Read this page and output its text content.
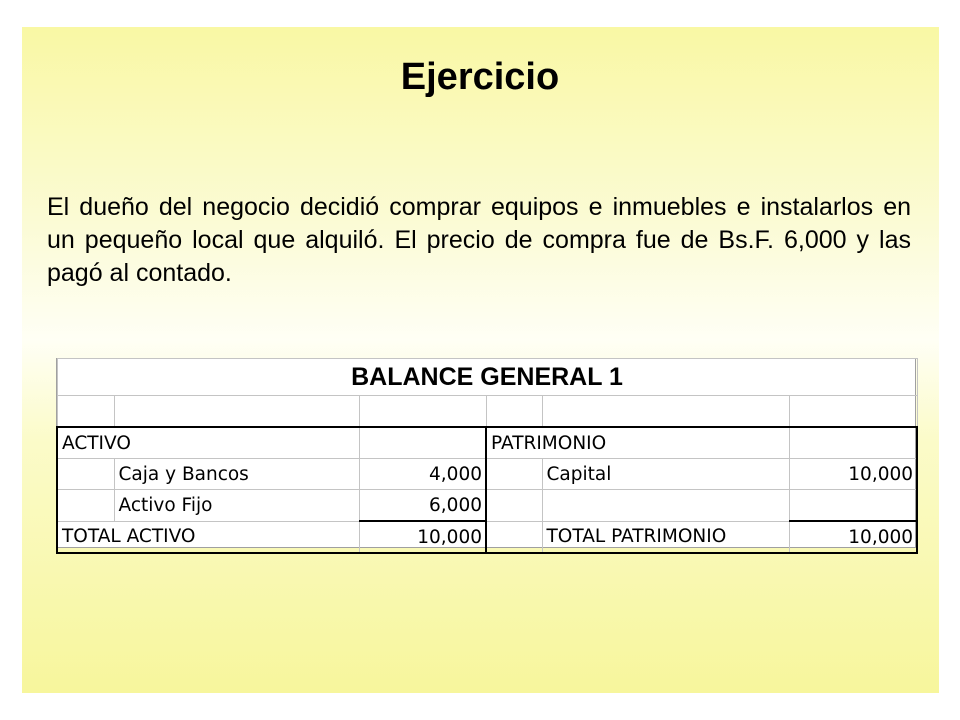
Ejercicio
El dueño del negocio decidió comprar equipos e inmuebles e instalarlos en un pequeño local que alquiló. El precio de compra fue de Bs.F. 6,000 y las pagó al contado.
BALANCE GENERAL 1					

ACTIVO			PATRIMONIO		
	Caja y Bancos	4,000		Capital	10,000
	Activo Fijo	6,000			
TOTAL ACTIVO		10,000		TOTAL PATRIMONIO	10,000
